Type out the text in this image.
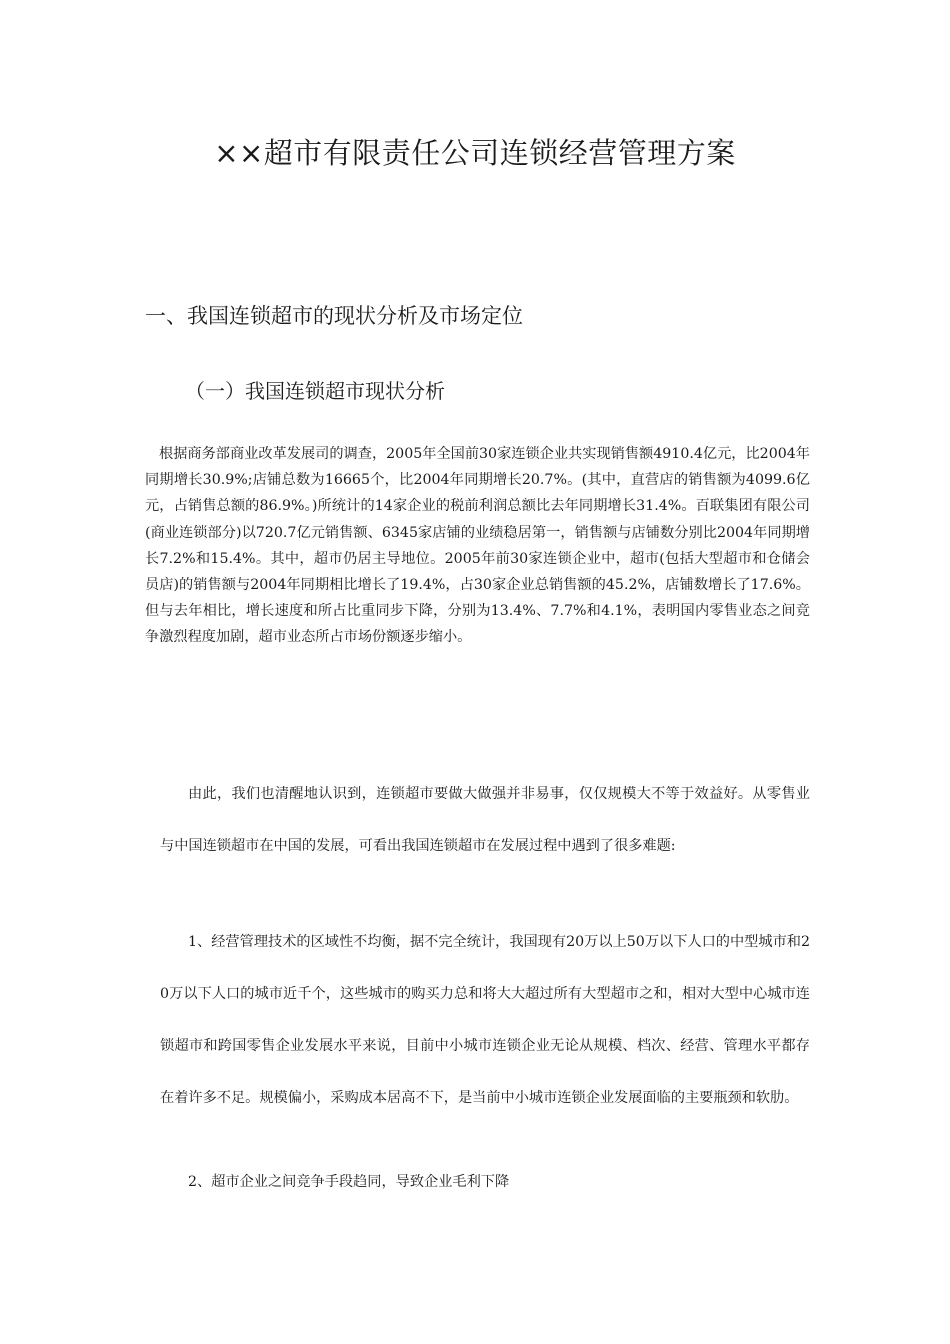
××超市有限责任公司连锁经营管理方案
一、我国连锁超市的现状分析及市场定位
（一）我国连锁超市现状分析

根据商务部商业改革发展司的调查，2005年全国前30家连锁企业共实现销售额4910.4亿元，比2004年同期增长30.9%;店铺总数为16665个，比2004年同期增长20.7%。(其中，直营店的销售额为4099.6亿元，占销售总额的86.9%。)所统计的14家企业的税前利润总额比去年同期增长31.4%。百联集团有限公司(商业连锁部分)以720.7亿元销售额、6345家店铺的业绩稳居第一，销售额与店铺数分别比2004年同期增长7.2%和15.4%。其中，超市仍居主导地位。2005年前30家连锁企业中，超市(包括大型超市和仓储会员店)的销售额与2004年同期相比增长了19.4%，占30家企业总销售额的45.2%，店铺数增长了17.6%。但与去年相比，增长速度和所占比重同步下降，分别为13.4%、7.7%和4.1%，表明国内零售业态之间竞争激烈程度加剧，超市业态所占市场份额逐步缩小。

由此，我们也清醒地认识到，连锁超市要做大做强并非易事，仅仅规模大不等于效益好。从零售业与中国连锁超市在中国的发展，可看出我国连锁超市在发展过程中遇到了很多难题:

1、经营管理技术的区域性不均衡，据不完全统计，我国现有20万以上50万以下人口的中型城市和20万以下人口的城市近千个，这些城市的购买力总和将大大超过所有大型超市之和，相对大型中心城市连锁超市和跨国零售企业发展水平来说，目前中小城市连锁企业无论从规模、档次、经营、管理水平都存在着许多不足。规模偏小，采购成本居高不下，是当前中小城市连锁企业发展面临的主要瓶颈和软肋。

2、超市企业之间竞争手段趋同，导致企业毛利下降
